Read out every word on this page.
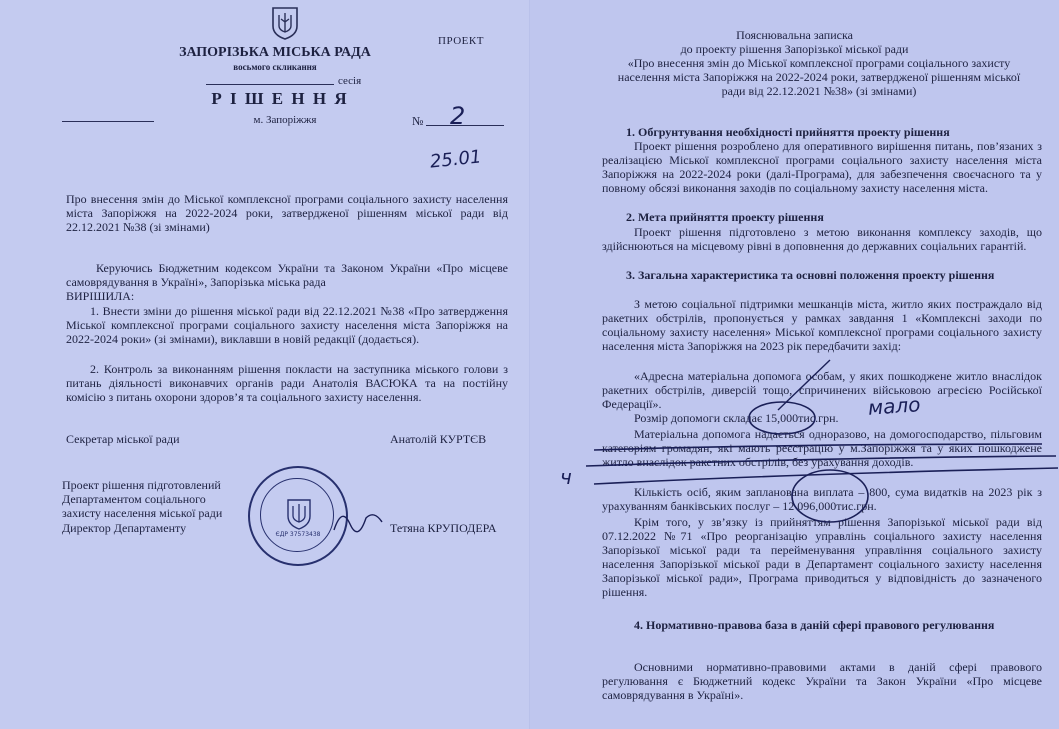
ПРОЕКТ
ЗАПОРІЗЬКА МІСЬКА РАДА
восьмого скликання
сесія
Р І Ш Е Н Н Я
м. Запоріжжя	№ 2
25.01
Про внесення змін до Міської комплексної програми соціального захисту населення міста Запоріжжя на 2022-2024 роки, затвердженої рішенням міської ради від 22.12.2021 №38 (зі змінами)
Керуючись Бюджетним кодексом України та Законом України «Про місцеве самоврядування в Україні», Запорізька міська рада
ВИРІШИЛА:
1. Внести зміни до рішення міської ради від 22.12.2021 №38 «Про затвердження Міської комплексної програми соціального захисту населення міста Запоріжжя на 2022-2024 роки» (зі змінами), виклавши в новій редакції (додається).
2. Контроль за виконанням рішення покласти на заступника міського голови з питань діяльності виконавчих органів ради Анатолія ВАСЮКА та на постійну комісію з питань охорони здоров’я та соціального захисту населення.
Секретар міської ради	Анатолій КУРТЄВ
Проект рішення підготовлений Департаментом соціального захисту населення міської ради
Директор Департаменту	Тетяна КРУПОДЕРА
ЄДР 37573438
Пояснювальна записка
до проекту рішення Запорізької міської ради
«Про внесення змін до Міської комплексної програми соціального захисту населення міста Запоріжжя на 2022-2024 роки, затвердженої рішенням міської ради від 22.12.2021 №38» (зі змінами)
1. Обгрунтування необхідності прийняття проекту рішення
Проект рішення розроблено для оперативного вирішення питань, пов’язаних з реалізацією Міської комплексної програми соціального захисту населення міста Запоріжжя на 2022-2024 роки (далі-Програма), для забезпечення своєчасного та у повному обсязі виконання заходів по соціальному захисту населення міста.
2. Мета прийняття проекту рішення
Проект рішення підготовлено з метою виконання комплексу заходів, що здійснюються на місцевому рівні в доповнення до державних соціальних гарантій.
3. Загальна характеристика та основні положення проекту рішення
З метою соціальної підтримки мешканців міста, житло яких постраждало від ракетних обстрілів, пропонується у рамках завдання 1 «Комплексні заходи по соціальному захисту населення» Міської комплексної програми соціального захисту населення міста Запоріжжя на 2023 рік передбачити захід:
«Адресна матеріальна допомога особам, у яких пошкоджене житло внаслідок ракетних обстрілів, диверсій тощо, спричинених військовою агресією Російської Федерації».
Розмір допомоги складає 15,000тис.грн.
Матеріальна допомога надається одноразово, на домогосподарство, пільговим категоріям громадян, які мають реєстрацію у м.Запоріжжя та у яких пошкоджене житло внаслідок ракетних обстрілів, без урахування доходів.
Кількість осіб, яким запланована виплата – 800, сума видатків на 2023 рік з урахуванням банківських послуг – 12 096,000тис.грн.
Крім того, у зв’язку із прийняттям рішення Запорізької міської ради від 07.12.2022 №71 «Про реорганізацію управлінь соціального захисту населення Запорізької міської ради та перейменування управління соціального захисту населення Запорізької міської ради в Департамент соціального захисту населення Запорізької міської ради», Програма приводиться у відповідність до зазначеного рішення.
4. Нормативно-правова база в даній сфері правового регулювання
Основними нормативно-правовими актами в даній сфері правового регулювання є Бюджетний кодекс України та Закон України «Про місцеве самоврядування в Україні».
мало
ч
